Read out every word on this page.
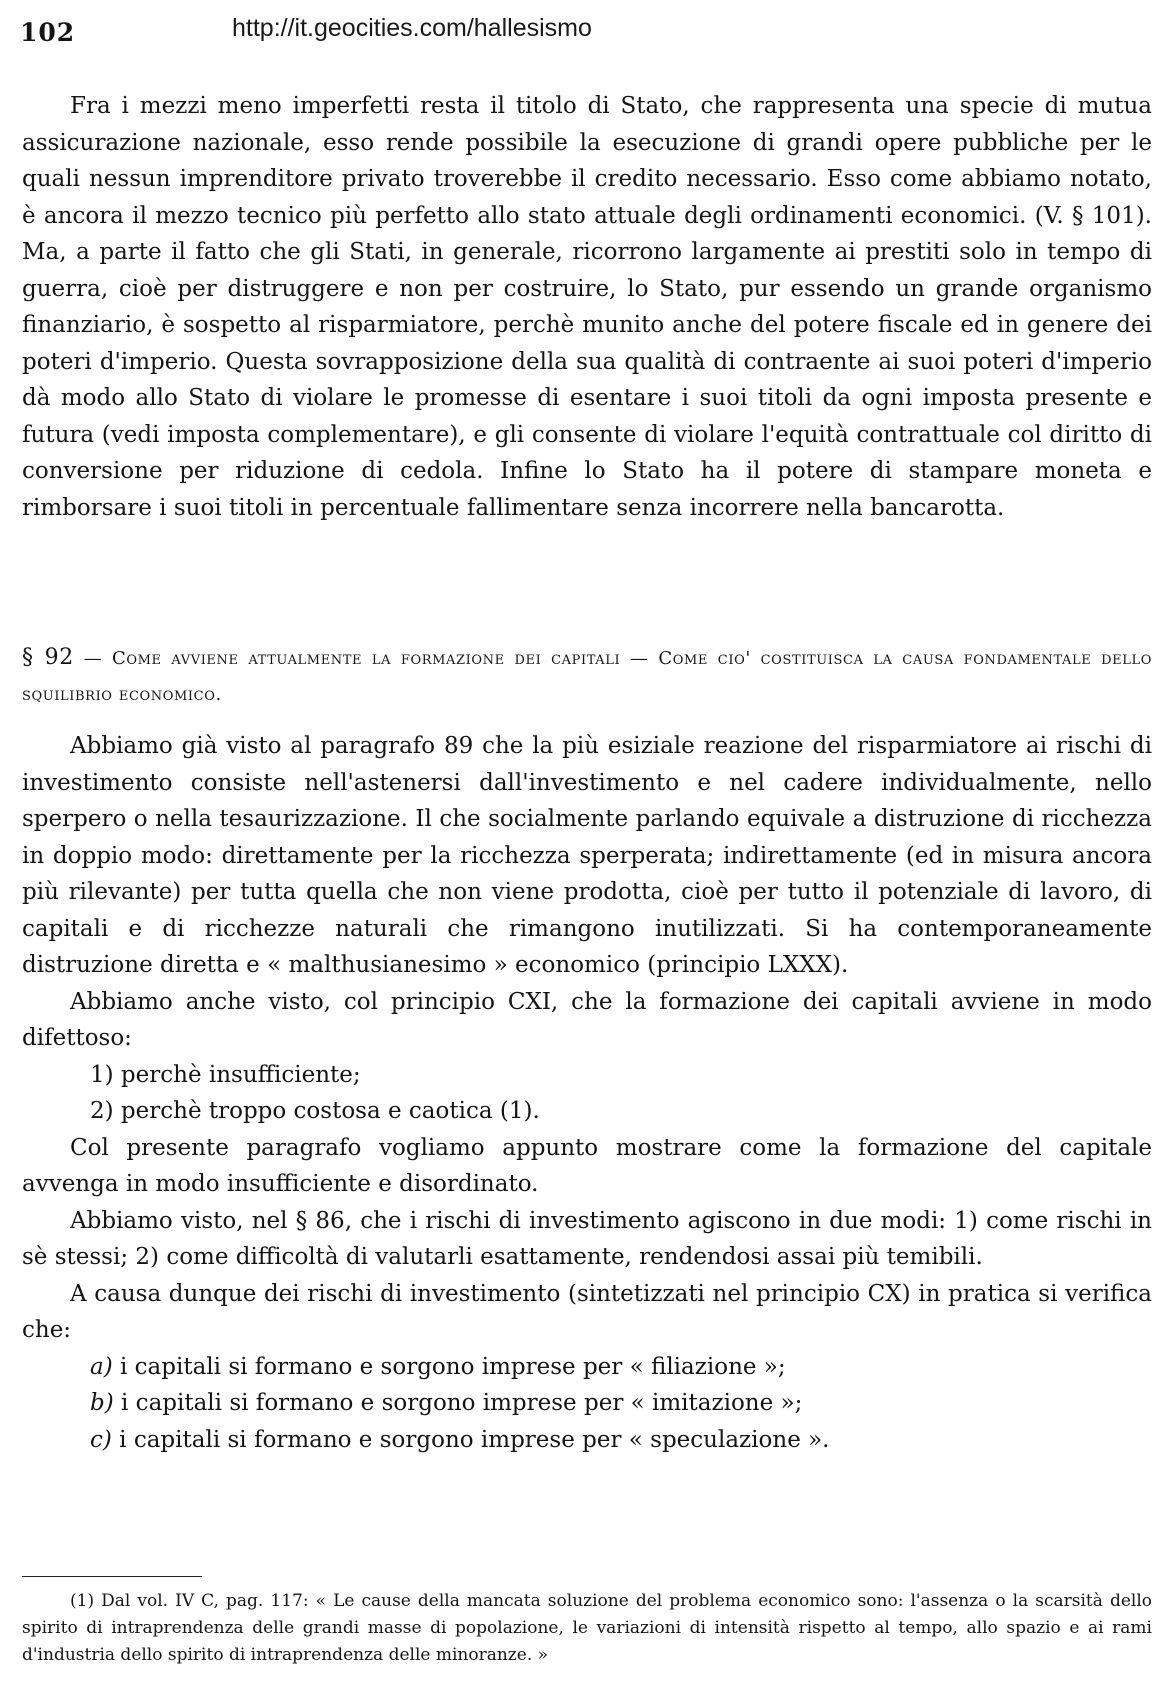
102	http://it.geocities.com/hallesismo

Fra i mezzi meno imperfetti resta il titolo di Stato, che rappresenta una specie di mutua assicurazione nazionale, esso rende possibile la esecuzione di grandi opere pubbliche per le quali nessun imprenditore privato troverebbe il credito necessario. Esso come abbiamo notato, è ancora il mezzo tecnico più perfetto allo stato attuale degli ordinamenti economici. (V. § 101). Ma, a parte il fatto che gli Stati, in generale, ricorrono largamente ai prestiti solo in tempo di guerra, cioè per distruggere e non per costruire, lo Stato, pur essendo un grande organismo finanziario, è sospetto al risparmiatore, perchè munito anche del potere fiscale ed in genere dei poteri d'imperio. Questa sovrapposizione della sua qualità di contraente ai suoi poteri d'imperio dà modo allo Stato di violare le promesse di esentare i suoi titoli da ogni imposta presente e futura (vedi imposta complementare), e gli consente di violare l'equità contrattuale col diritto di conversione per riduzione di cedola. Infine lo Stato ha il potere di stampare moneta e rimborsare i suoi titoli in percentuale fallimentare senza incorrere nella bancarotta.

§ 92 — Come avviene attualmente la formazione dei capitali — Come cio' costituisca la causa fondamentale dello squilibrio economico.

Abbiamo già visto al paragrafo 89 che la più esiziale reazione del risparmiatore ai rischi di investimento consiste nell'astenersi dall'investimento e nel cadere individualmente, nello sperpero o nella tesaurizzazione. Il che socialmente parlando equivale a distruzione di ricchezza in doppio modo: direttamente per la ricchezza sperperata; indirettamente (ed in misura ancora più rilevante) per tutta quella che non viene prodotta, cioè per tutto il potenziale di lavoro, di capitali e di ricchezze naturali che rimangono inutilizzati. Si ha contemporaneamente distruzione diretta e « malthusianesimo » economico (principio LXXX).

Abbiamo anche visto, col principio CXI, che la formazione dei capitali avviene in modo difettoso:

1) perchè insufficiente;

2) perchè troppo costosa e caotica (1).

Col presente paragrafo vogliamo appunto mostrare come la formazione del capitale avvenga in modo insufficiente e disordinato.

Abbiamo visto, nel § 86, che i rischi di investimento agiscono in due modi: 1) come rischi in sè stessi; 2) come difficoltà di valutarli esattamente, rendendosi assai più temibili.

A causa dunque dei rischi di investimento (sintetizzati nel principio CX) in pratica si verifica che:

a) i capitali si formano e sorgono imprese per « filiazione »;

b) i capitali si formano e sorgono imprese per « imitazione »;

c) i capitali si formano e sorgono imprese per « speculazione ».

(1) Dal vol. IV C, pag. 117: « Le cause della mancata soluzione del problema economico sono: l'assenza o la scarsità dello spirito di intraprendenza delle grandi masse di popolazione, le variazioni di intensità rispetto al tempo, allo spazio e ai rami d'industria dello spirito di intraprendenza delle minoranze. »
